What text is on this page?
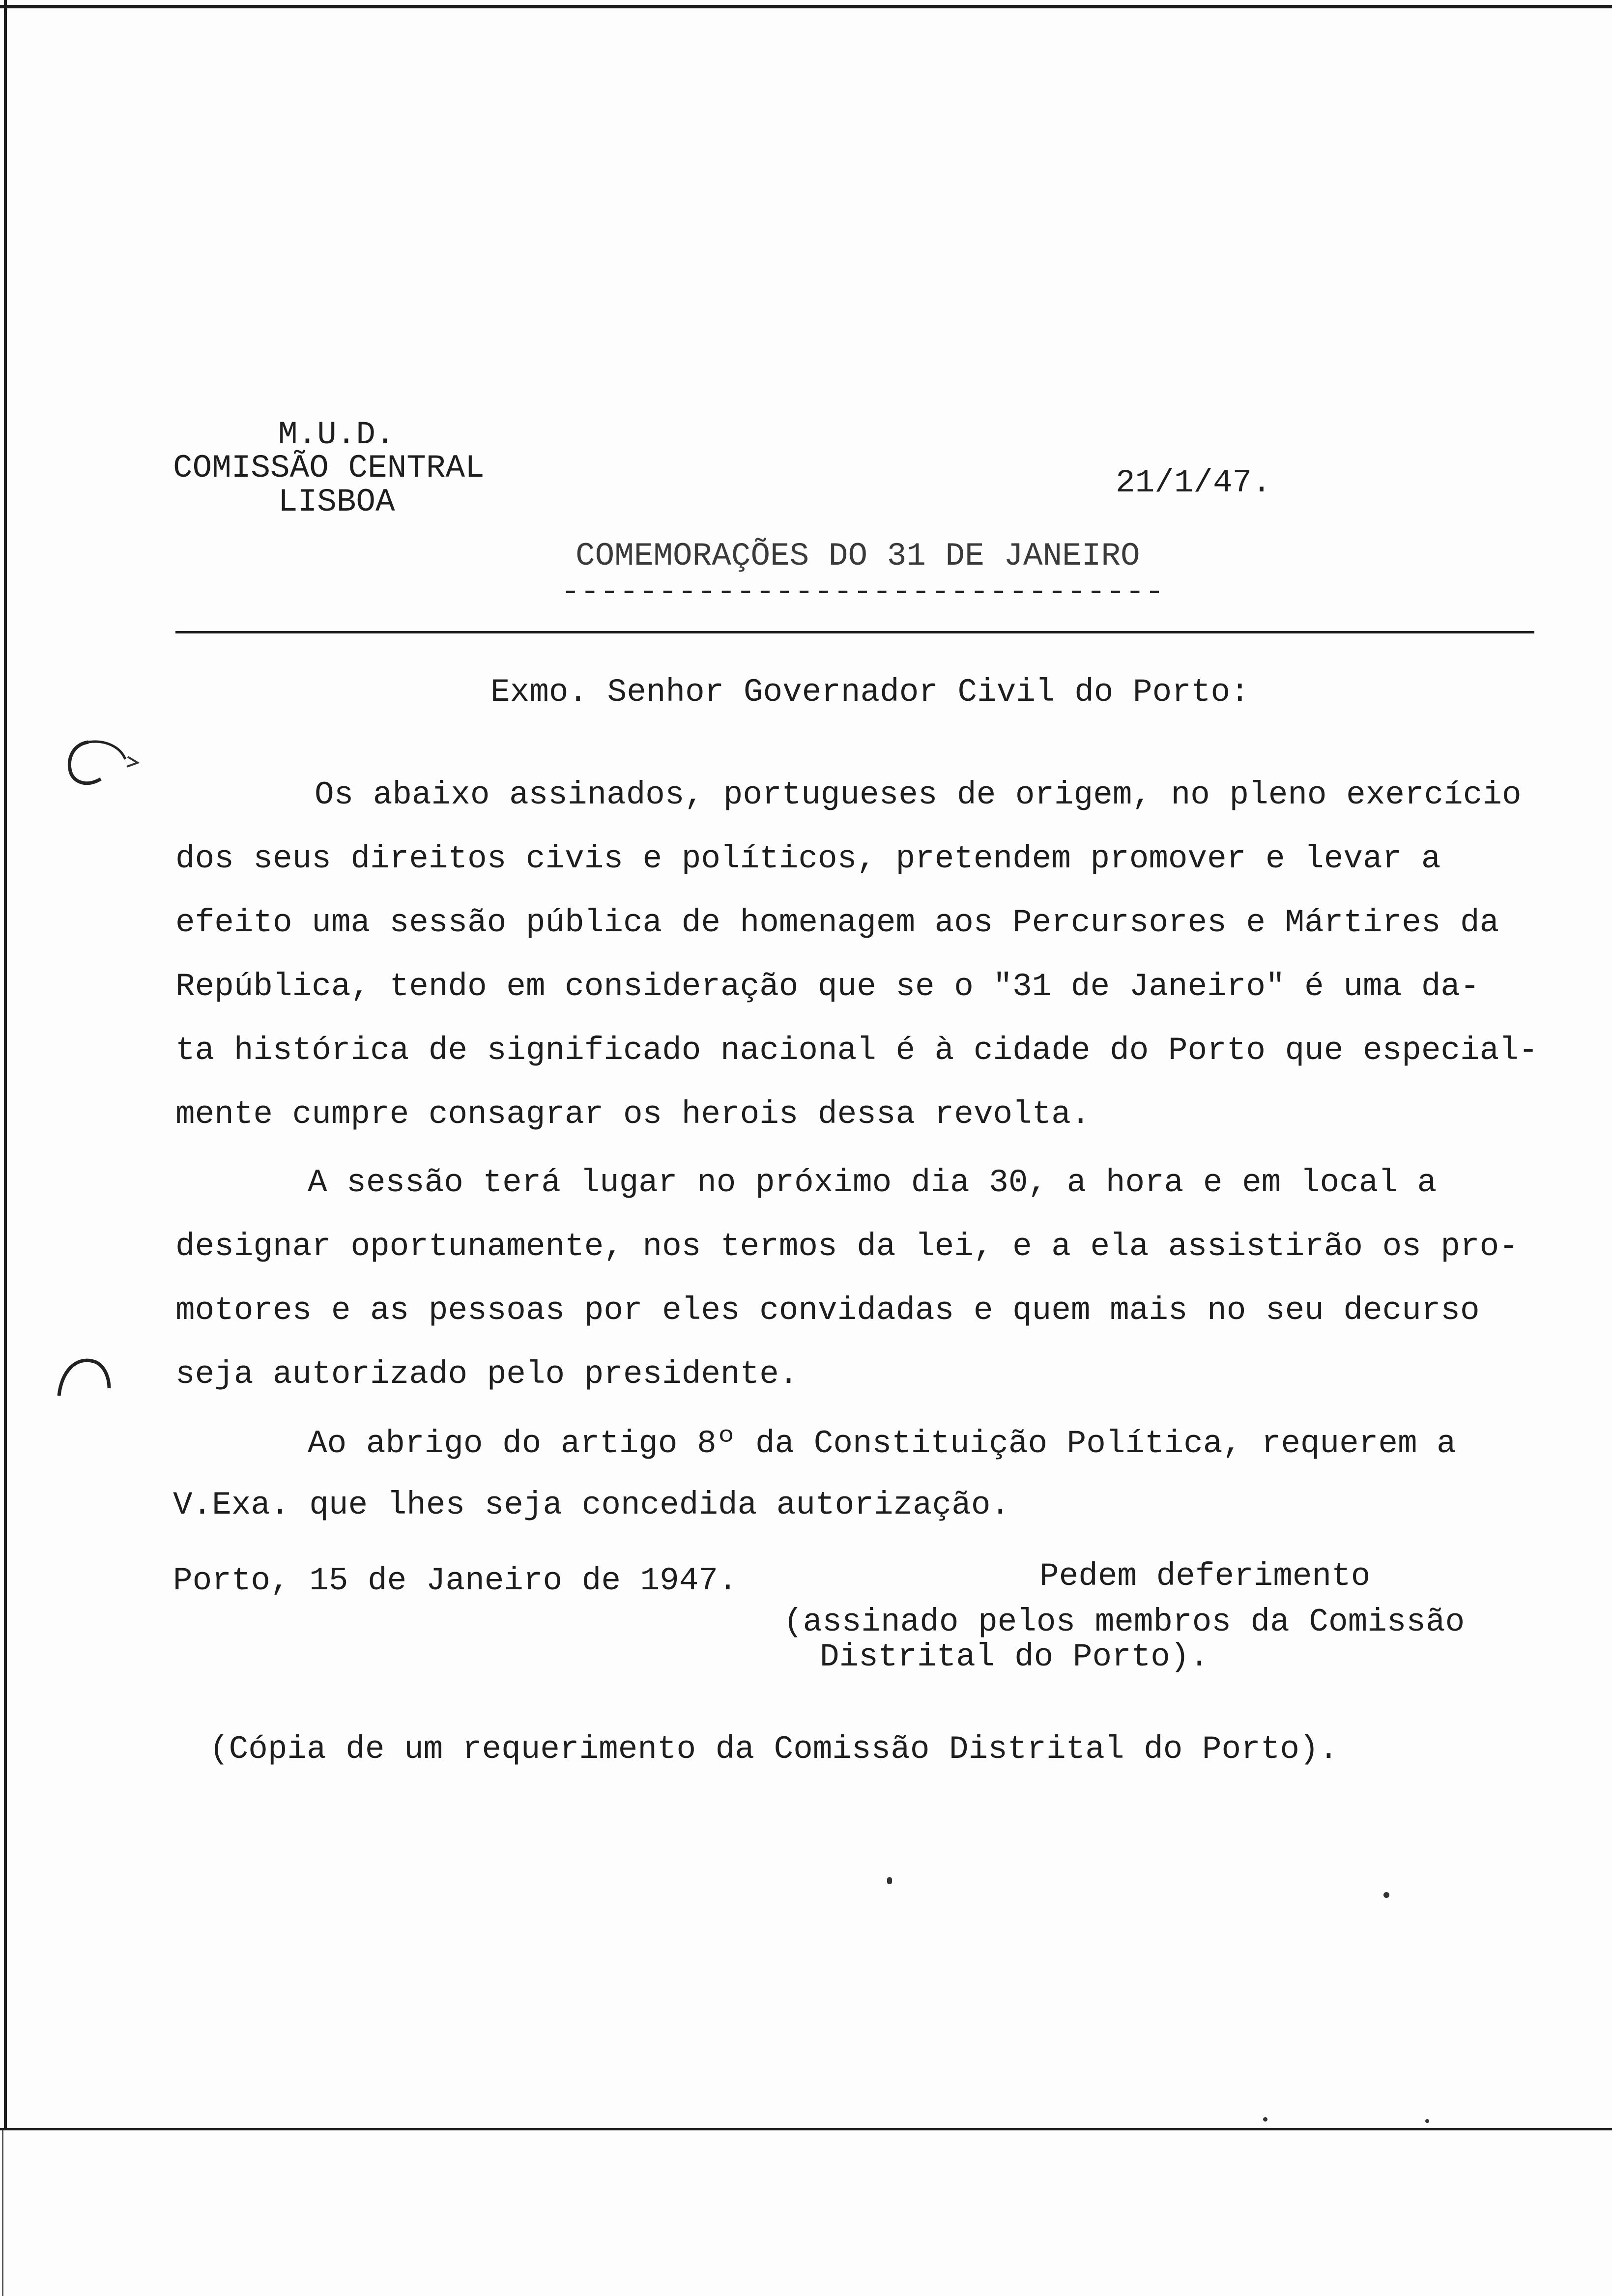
M.U.D.
COMISSÃO CENTRAL
LISBOA
21/1/47.
COMEMORAÇÕES DO 31 DE JANEIRO
-------------------------------
Exmo. Senhor Governador Civil do Porto:
Os abaixo assinados, portugueses de origem, no pleno exercício
dos seus direitos civis e políticos, pretendem promover e levar a
efeito uma sessão pública de homenagem aos Percursores e Mártires da
República, tendo em consideração que se o "31 de Janeiro" é uma da-
ta histórica de significado nacional é à cidade do Porto que especial-
mente cumpre consagrar os herois dessa revolta.
A sessão terá lugar no próximo dia 30, a hora e em local a
designar oportunamente, nos termos da lei, e a ela assistirão os pro-
motores e as pessoas por eles convidadas e quem mais no seu decurso
seja autorizado pelo presidente.
Ao abrigo do artigo 8º da Constituição Política, requerem a
V.Exa. que lhes seja concedida autorização.
Porto, 15 de Janeiro de 1947.	Pedem deferimento
(assinado pelos membros da Comissão
Distrital do Porto).
(Cópia de um requerimento da Comissão Distrital do Porto).
